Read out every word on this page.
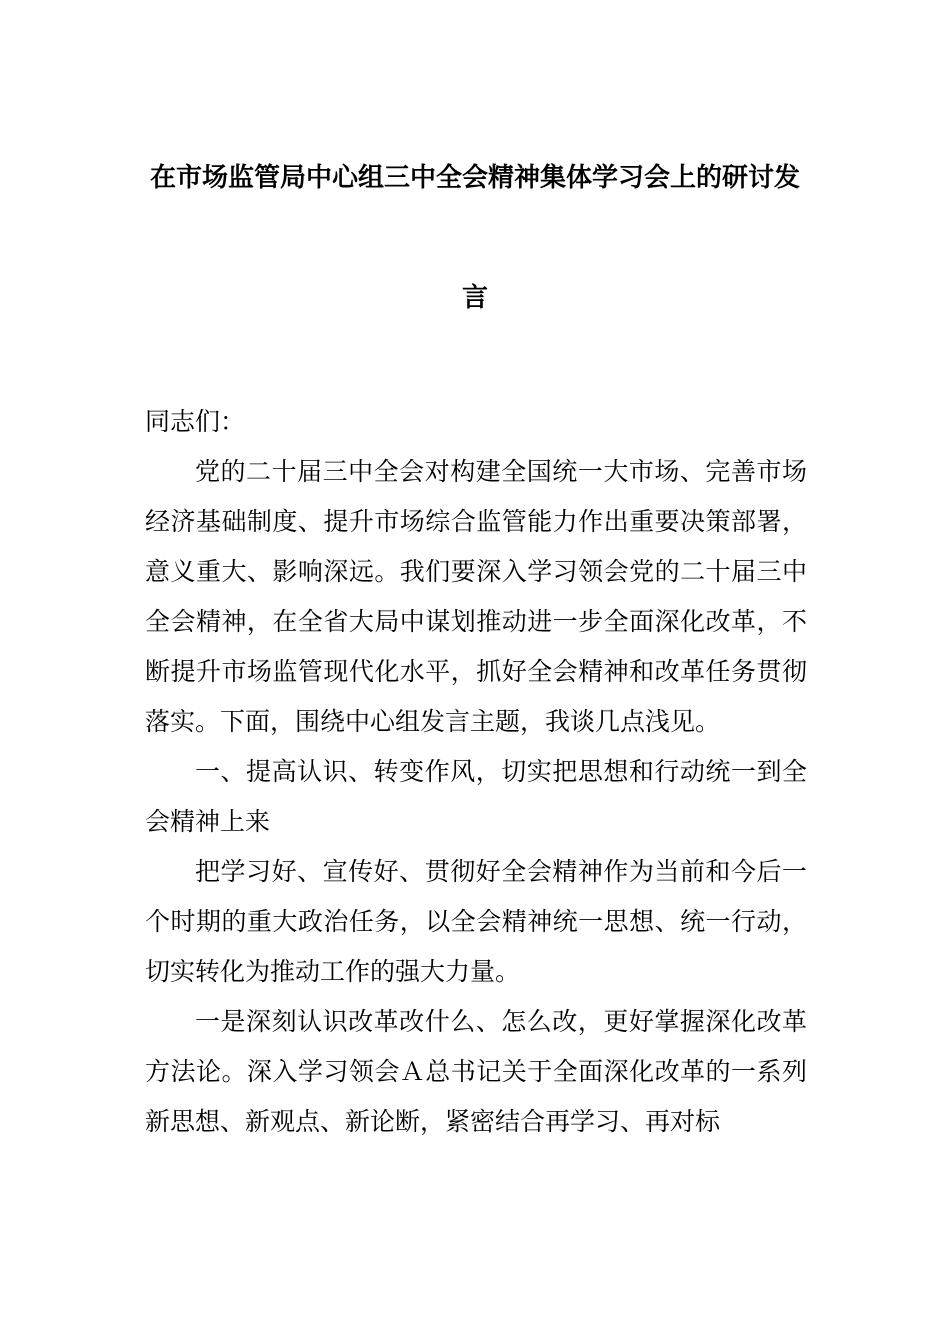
在市场监管局中心组三中全会精神集体学习会上的研讨发
言
同志们：

党的二十届三中全会对构建全国统一大市场、完善市场经济基础制度、提升市场综合监管能力作出重要决策部署，意义重大、影响深远。我们要深入学习领会党的二十届三中全会精神，在全省大局中谋划推动进一步全面深化改革，不断提升市场监管现代化水平，抓好全会精神和改革任务贯彻落实。下面，围绕中心组发言主题，我谈几点浅见。

一、提高认识、转变作风，切实把思想和行动统一到全会精神上来

把学习好、宣传好、贯彻好全会精神作为当前和今后一个时期的重大政治任务，以全会精神统一思想、统一行动，切实转化为推动工作的强大力量。

一是深刻认识改革改什么、怎么改，更好掌握深化改革方法论。深入学习领会Ａ总书记关于全面深化改革的一系列新思想、新观点、新论断，紧密结合再学习、再对标
